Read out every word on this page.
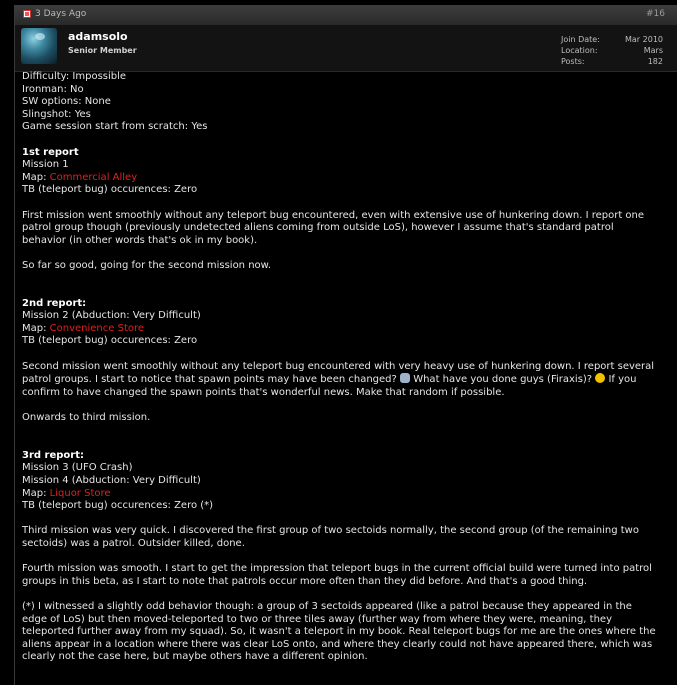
3 Days Ago	#16
adamsolo
Senior Member
Join Date:
Location:
Posts:
Mar 2010
Mars
182

Difficulty: Impossible

Ironman: No

SW options: None

Slingshot: Yes

Game session start from scratch: Yes

1st report

Mission 1

Map: Commercial Alley

TB (teleport bug) occurences: Zero

First mission went smoothly without any teleport bug encountered, even with extensive use of hunkering down. I report one

patrol group though (previously undetected aliens coming from outside LoS), however I assume that's standard patrol

behavior (in other words that's ok in my book).

So far so good, going for the second mission now.

2nd report:

Mission 2 (Abduction: Very Difficult)

Map: Convenience Store

TB (teleport bug) occurences: Zero

Second mission went smoothly without any teleport bug encountered with very heavy use of hunkering down. I report several

patrol groups. I start to notice that spawn points may have been changed?  What have you done guys (Firaxis)?  If you

confirm to have changed the spawn points that's wonderful news. Make that random if possible.

Onwards to third mission.

3rd report:

Mission 3 (UFO Crash)

Mission 4 (Abduction: Very Difficult)

Map: Liquor Store

TB (teleport bug) occurences: Zero (*)

Third mission was very quick. I discovered the first group of two sectoids normally, the second group (of the remaining two

sectoids) was a patrol. Outsider killed, done.

Fourth mission was smooth. I start to get the impression that teleport bugs in the current official build were turned into patrol

groups in this beta, as I start to note that patrols occur more often than they did before. And that's a good thing.

(*) I witnessed a slightly odd behavior though: a group of 3 sectoids appeared (like a patrol because they appeared in the

edge of LoS) but then moved-teleported to two or three tiles away (further way from where they were, meaning, they

teleported further away from my squad). So, it wasn't a teleport in my book. Real teleport bugs for me are the ones where the

aliens appear in a location where there was clear LoS onto, and where they clearly could not have appeared there, which was

clearly not the case here, but maybe others have a different opinion.
